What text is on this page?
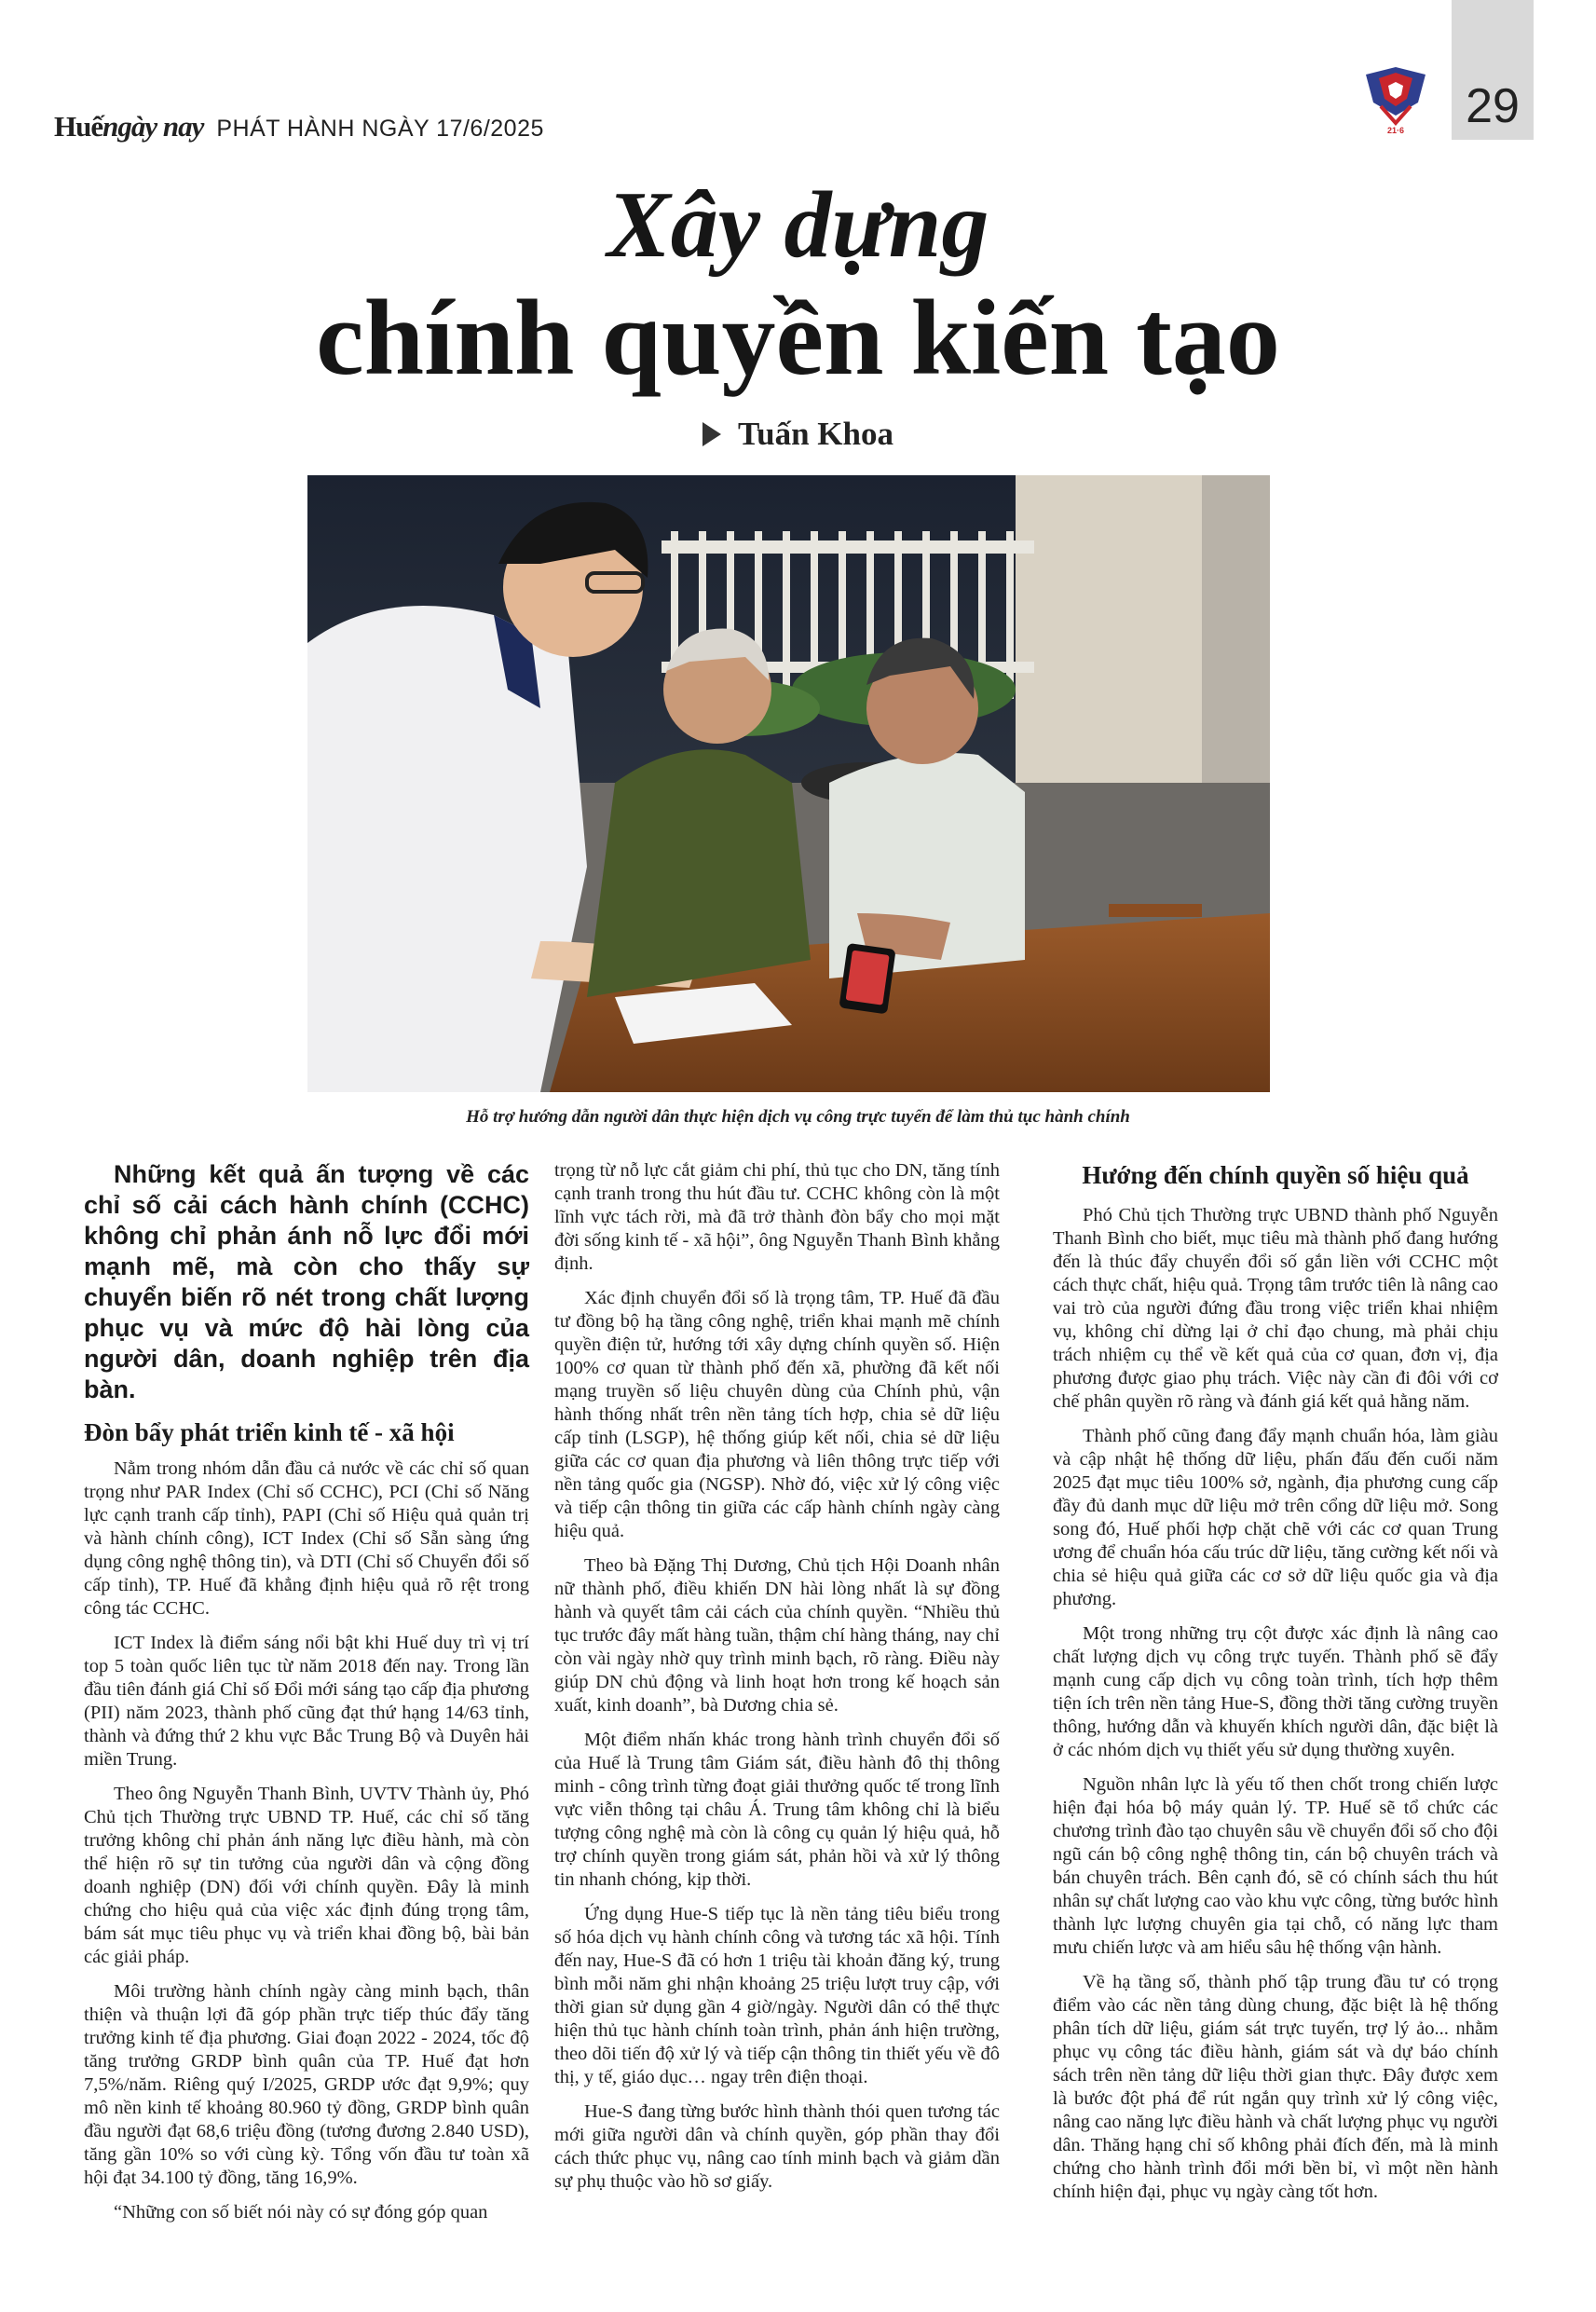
Huếngày nay PHÁT HÀNH NGÀY 17/6/2025	21·6 29
Xây dựng
chính quyền kiến tạo
Tuấn Khoa
Hỗ trợ hướng dẫn người dân thực hiện dịch vụ công trực tuyến để làm thủ tục hành chính

Những kết quả ấn tượng về các chỉ số cải cách hành chính (CCHC) không chỉ phản ánh nỗ lực đổi mới mạnh mẽ, mà còn cho thấy sự chuyển biến rõ nét trong chất lượng phục vụ và mức độ hài lòng của người dân, doanh nghiệp trên địa bàn.

Đòn bẩy phát triển kinh tế - xã hội

Nằm trong nhóm dẫn đầu cả nước về các chỉ số quan trọng như PAR Index (Chỉ số CCHC), PCI (Chỉ số Năng lực cạnh tranh cấp tỉnh), PAPI (Chỉ số Hiệu quả quản trị và hành chính công), ICT Index (Chỉ số Sẵn sàng ứng dụng công nghệ thông tin), và DTI (Chỉ số Chuyển đổi số cấp tỉnh), TP. Huế đã khẳng định hiệu quả rõ rệt trong công tác CCHC.

ICT Index là điểm sáng nổi bật khi Huế duy trì vị trí top 5 toàn quốc liên tục từ năm 2018 đến nay. Trong lần đầu tiên đánh giá Chỉ số Đổi mới sáng tạo cấp địa phương (PII) năm 2023, thành phố cũng đạt thứ hạng 14/63 tỉnh, thành và đứng thứ 2 khu vực Bắc Trung Bộ và Duyên hải miền Trung.

Theo ông Nguyễn Thanh Bình, UVTV Thành ủy, Phó Chủ tịch Thường trực UBND TP. Huế, các chỉ số tăng trưởng không chỉ phản ánh năng lực điều hành, mà còn thể hiện rõ sự tin tưởng của người dân và cộng đồng doanh nghiệp (DN) đối với chính quyền. Đây là minh chứng cho hiệu quả của việc xác định đúng trọng tâm, bám sát mục tiêu phục vụ và triển khai đồng bộ, bài bản các giải pháp.

Môi trường hành chính ngày càng minh bạch, thân thiện và thuận lợi đã góp phần trực tiếp thúc đẩy tăng trưởng kinh tế địa phương. Giai đoạn 2022 - 2024, tốc độ tăng trưởng GRDP bình quân của TP. Huế đạt hơn 7,5%/năm. Riêng quý I/2025, GRDP ước đạt 9,9%; quy mô nền kinh tế khoảng 80.960 tỷ đồng, GRDP bình quân đầu người đạt 68,6 triệu đồng (tương đương 2.840 USD), tăng gần 10% so với cùng kỳ. Tổng vốn đầu tư toàn xã hội đạt 34.100 tỷ đồng, tăng 16,9%.

“Những con số biết nói này có sự đóng góp quan

trọng từ nỗ lực cắt giảm chi phí, thủ tục cho DN, tăng tính cạnh tranh trong thu hút đầu tư. CCHC không còn là một lĩnh vực tách rời, mà đã trở thành đòn bẩy cho mọi mặt đời sống kinh tế - xã hội”, ông Nguyễn Thanh Bình khẳng định.

Xác định chuyển đổi số là trọng tâm, TP. Huế đã đầu tư đồng bộ hạ tầng công nghệ, triển khai mạnh mẽ chính quyền điện tử, hướng tới xây dựng chính quyền số. Hiện 100% cơ quan từ thành phố đến xã, phường đã kết nối mạng truyền số liệu chuyên dùng của Chính phủ, vận hành thống nhất trên nền tảng tích hợp, chia sẻ dữ liệu cấp tỉnh (LSGP), hệ thống giúp kết nối, chia sẻ dữ liệu giữa các cơ quan địa phương và liên thông trực tiếp với nền tảng quốc gia (NGSP). Nhờ đó, việc xử lý công việc và tiếp cận thông tin giữa các cấp hành chính ngày càng hiệu quả.

Theo bà Đặng Thị Dương, Chủ tịch Hội Doanh nhân nữ thành phố, điều khiến DN hài lòng nhất là sự đồng hành và quyết tâm cải cách của chính quyền. “Nhiều thủ tục trước đây mất hàng tuần, thậm chí hàng tháng, nay chỉ còn vài ngày nhờ quy trình minh bạch, rõ ràng. Điều này giúp DN chủ động và linh hoạt hơn trong kế hoạch sản xuất, kinh doanh”, bà Dương chia sẻ.

Một điểm nhấn khác trong hành trình chuyển đổi số của Huế là Trung tâm Giám sát, điều hành đô thị thông minh - công trình từng đoạt giải thưởng quốc tế trong lĩnh vực viễn thông tại châu Á. Trung tâm không chỉ là biểu tượng công nghệ mà còn là công cụ quản lý hiệu quả, hỗ trợ chính quyền trong giám sát, phản hồi và xử lý thông tin nhanh chóng, kịp thời.

Ứng dụng Hue-S tiếp tục là nền tảng tiêu biểu trong số hóa dịch vụ hành chính công và tương tác xã hội. Tính đến nay, Hue-S đã có hơn 1 triệu tài khoản đăng ký, trung bình mỗi năm ghi nhận khoảng 25 triệu lượt truy cập, với thời gian sử dụng gần 4 giờ/ngày. Người dân có thể thực hiện thủ tục hành chính toàn trình, phản ánh hiện trường, theo dõi tiến độ xử lý và tiếp cận thông tin thiết yếu về đô thị, y tế, giáo dục… ngay trên điện thoại.

Hue-S đang từng bước hình thành thói quen tương tác mới giữa người dân và chính quyền, góp phần thay đổi cách thức phục vụ, nâng cao tính minh bạch và giảm dần sự phụ thuộc vào hồ sơ giấy.

Hướng đến chính quyền số hiệu quả

Phó Chủ tịch Thường trực UBND thành phố Nguyễn Thanh Bình cho biết, mục tiêu mà thành phố đang hướng đến là thúc đẩy chuyển đổi số gắn liền với CCHC một cách thực chất, hiệu quả. Trọng tâm trước tiên là nâng cao vai trò của người đứng đầu trong việc triển khai nhiệm vụ, không chỉ dừng lại ở chỉ đạo chung, mà phải chịu trách nhiệm cụ thể về kết quả của cơ quan, đơn vị, địa phương được giao phụ trách. Việc này cần đi đôi với cơ chế phân quyền rõ ràng và đánh giá kết quả hằng năm.

Thành phố cũng đang đẩy mạnh chuẩn hóa, làm giàu và cập nhật hệ thống dữ liệu, phấn đấu đến cuối năm 2025 đạt mục tiêu 100% sở, ngành, địa phương cung cấp đầy đủ danh mục dữ liệu mở trên cổng dữ liệu mở. Song song đó, Huế phối hợp chặt chẽ với các cơ quan Trung ương để chuẩn hóa cấu trúc dữ liệu, tăng cường kết nối và chia sẻ hiệu quả giữa các cơ sở dữ liệu quốc gia và địa phương.

Một trong những trụ cột được xác định là nâng cao chất lượng dịch vụ công trực tuyến. Thành phố sẽ đẩy mạnh cung cấp dịch vụ công toàn trình, tích hợp thêm tiện ích trên nền tảng Hue-S, đồng thời tăng cường truyền thông, hướng dẫn và khuyến khích người dân, đặc biệt là ở các nhóm dịch vụ thiết yếu sử dụng thường xuyên.

Nguồn nhân lực là yếu tố then chốt trong chiến lược hiện đại hóa bộ máy quản lý. TP. Huế sẽ tổ chức các chương trình đào tạo chuyên sâu về chuyển đổi số cho đội ngũ cán bộ công nghệ thông tin, cán bộ chuyên trách và bán chuyên trách. Bên cạnh đó, sẽ có chính sách thu hút nhân sự chất lượng cao vào khu vực công, từng bước hình thành lực lượng chuyên gia tại chỗ, có năng lực tham mưu chiến lược và am hiểu sâu hệ thống vận hành.

Về hạ tầng số, thành phố tập trung đầu tư có trọng điểm vào các nền tảng dùng chung, đặc biệt là hệ thống phân tích dữ liệu, giám sát trực tuyến, trợ lý ảo... nhằm phục vụ công tác điều hành, giám sát và dự báo chính sách trên nền tảng dữ liệu thời gian thực. Đây được xem là bước đột phá để rút ngắn quy trình xử lý công việc, nâng cao năng lực điều hành và chất lượng phục vụ người dân. Thăng hạng chỉ số không phải đích đến, mà là minh chứng cho hành trình đổi mới bền bỉ, vì một nền hành chính hiện đại, phục vụ ngày càng tốt hơn.
